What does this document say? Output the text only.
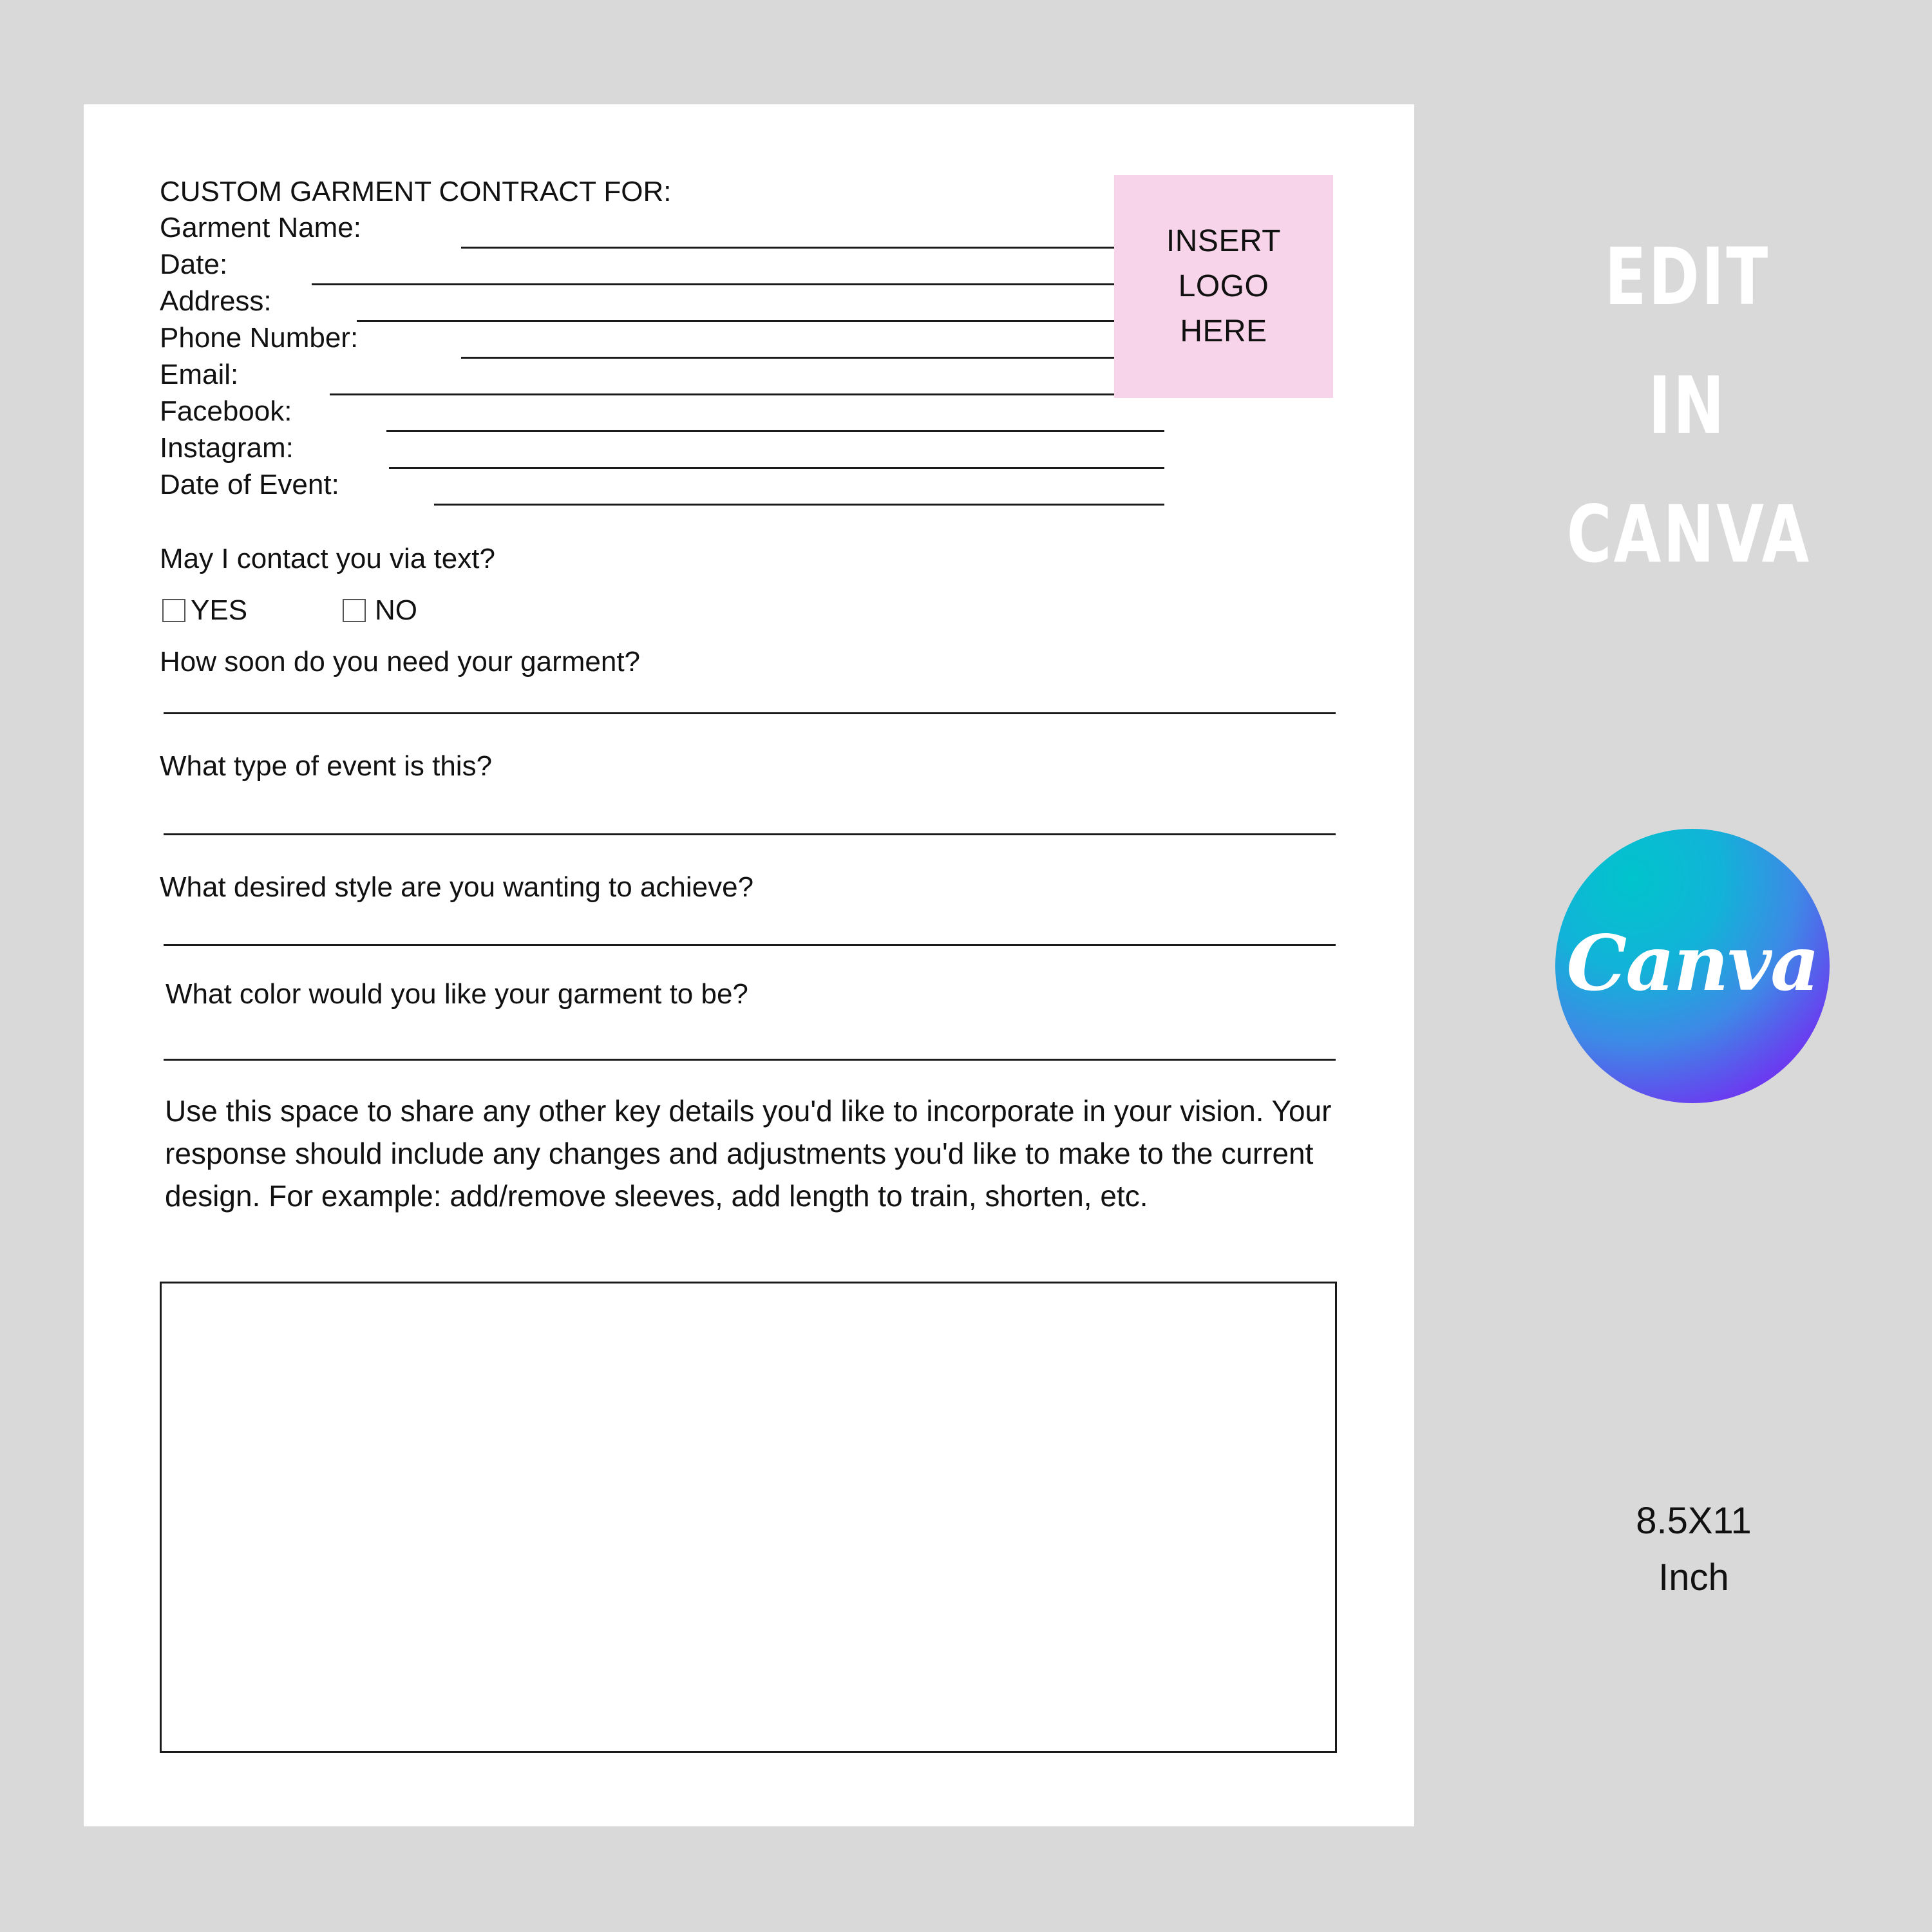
CUSTOM GARMENT CONTRACT FOR:
Garment Name:
Date:
Address:
Phone Number:
Email:
Facebook:
Instagram:
Date of Event:
INSERT
LOGO
HERE
May I contact you via text?
YES	NO
How soon do you need your garment?
What type of event is this?
What desired style are you wanting to achieve?
What color would you like your garment to be?
Use this space to share any other key details you'd like to incorporate in your vision. Your response should include any changes and adjustments you'd like to make to the current design. For example: add/remove sleeves, add length to train, shorten, etc.
EDIT IN
CANVA
Canva
8.5X11
Inch
